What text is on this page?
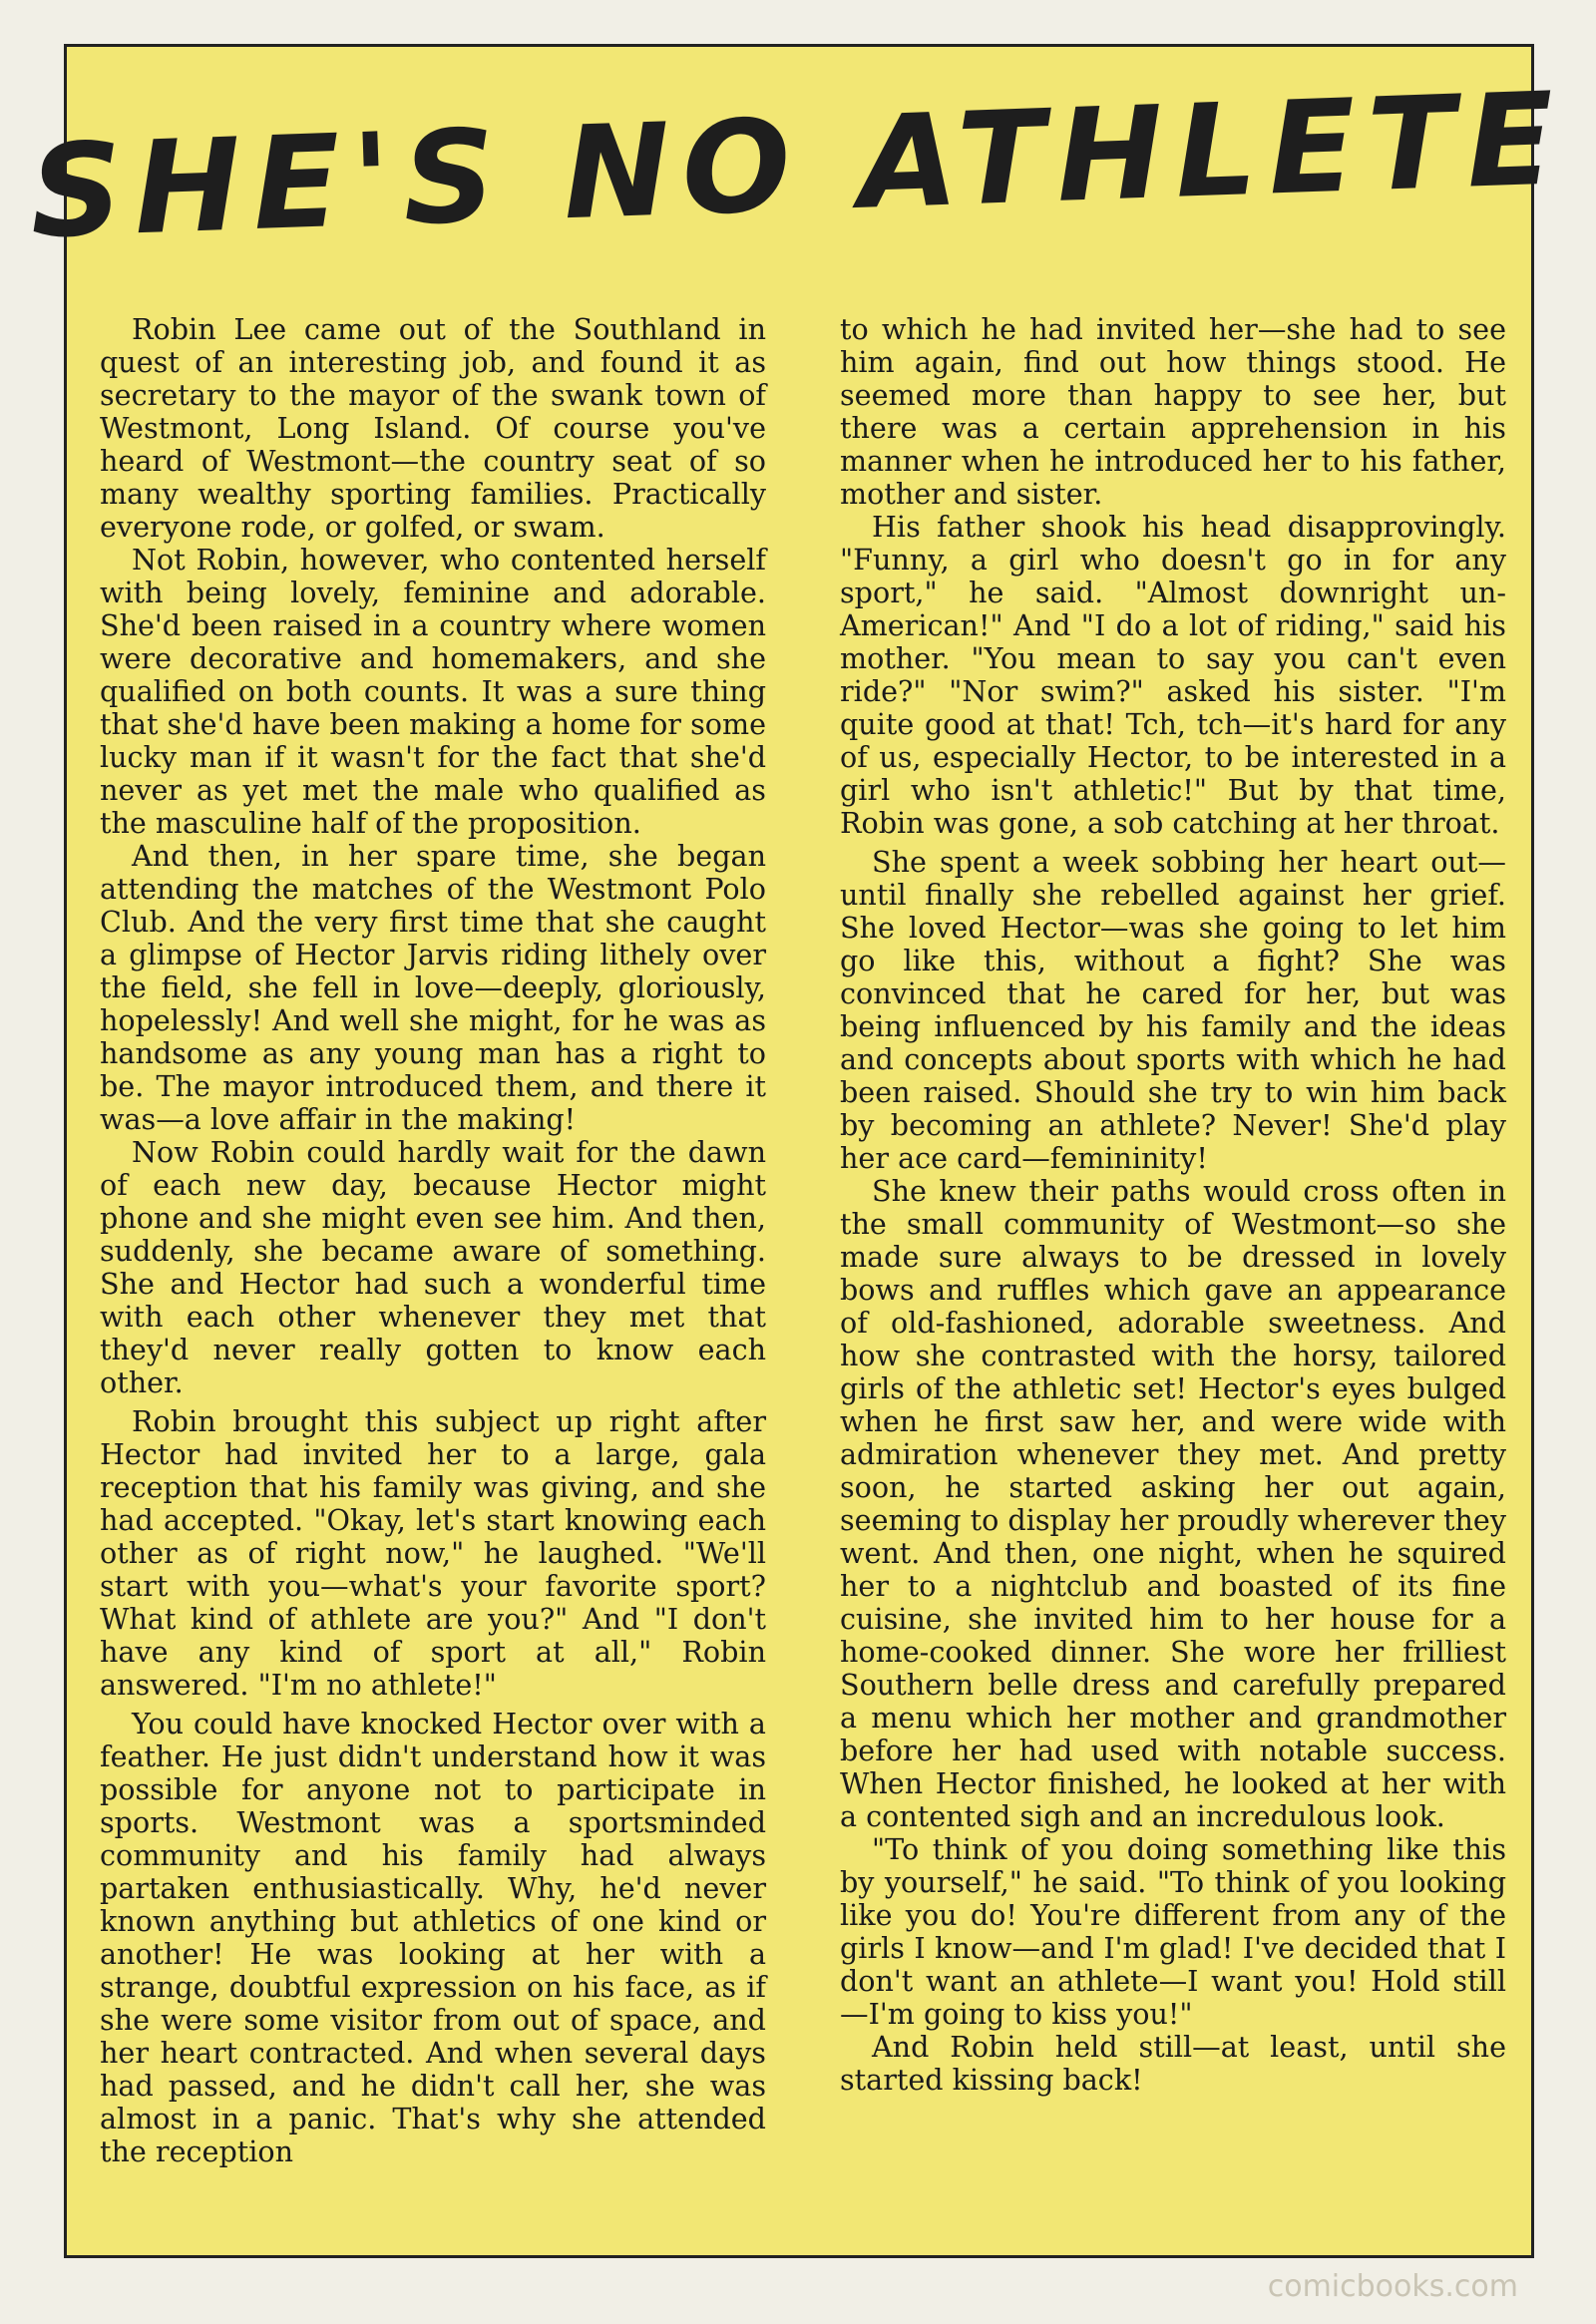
SHE'S NO ATHLETE

Robin Lee came out of the Southland in quest of an interesting job, and found it as secretary to the mayor of the swank town of Westmont, Long Island. Of course you've heard of Westmont—the country seat of so many wealthy sporting families. Practically everyone rode, or golfed, or swam.

Not Robin, however, who contented herself with being lovely, feminine and adorable. She'd been raised in a country where women were decorative and homemakers, and she qualified on both counts. It was a sure thing that she'd have been making a home for some lucky man if it wasn't for the fact that she'd never as yet met the male who qualified as the masculine half of the proposition.

And then, in her spare time, she began attending the matches of the Westmont Polo Club. And the very first time that she caught a glimpse of Hector Jarvis riding lithely over the field, she fell in love—deeply, gloriously, hopelessly! And well she might, for he was as handsome as any young man has a right to be. The mayor introduced them, and there it was—a love affair in the making!

Now Robin could hardly wait for the dawn of each new day, because Hector might phone and she might even see him. And then, suddenly, she became aware of something. She and Hector had such a wonderful time with each other whenever they met that they'd never really gotten to know each other.

Robin brought this subject up right after Hector had invited her to a large, gala reception that his family was giving, and she had accepted. "Okay, let's start knowing each other as of right now," he laughed. "We'll start with you—what's your favorite sport? What kind of athlete are you?" And "I don't have any kind of sport at all," Robin answered. "I'm no athlete!"

You could have knocked Hector over with a feather. He just didn't understand how it was possible for anyone not to participate in sports. Westmont was a sportsminded community and his family had always partaken enthusiastically. Why, he'd never known anything but athletics of one kind or another! He was looking at her with a strange, doubtful expression on his face, as if she were some visitor from out of space, and her heart contracted. And when several days had passed, and he didn't call her, she was almost in a panic. That's why she attended the reception

to which he had invited her—she had to see him again, find out how things stood. He seemed more than happy to see her, but there was a certain apprehension in his manner when he introduced her to his father, mother and sister.

His father shook his head disapprovingly. "Funny, a girl who doesn't go in for any sport," he said. "Almost downright un-American!" And "I do a lot of riding," said his mother. "You mean to say you can't even ride?" "Nor swim?" asked his sister. "I'm quite good at that! Tch, tch—it's hard for any of us, especially Hector, to be interested in a girl who isn't athletic!" But by that time, Robin was gone, a sob catching at her throat.

She spent a week sobbing her heart out—until finally she rebelled against her grief. She loved Hector—was she going to let him go like this, without a fight? She was convinced that he cared for her, but was being influenced by his family and the ideas and concepts about sports with which he had been raised. Should she try to win him back by becoming an athlete? Never! She'd play her ace card—femininity!

She knew their paths would cross often in the small community of Westmont—so she made sure always to be dressed in lovely bows and ruffles which gave an appearance of old-fashioned, adorable sweetness. And how she contrasted with the horsy, tailored girls of the athletic set! Hector's eyes bulged when he first saw her, and were wide with admiration whenever they met. And pretty soon, he started asking her out again, seeming to display her proudly wherever they went. And then, one night, when he squired her to a nightclub and boasted of its fine cuisine, she invited him to her house for a home-cooked dinner. She wore her frilliest Southern belle dress and carefully prepared a menu which her mother and grandmother before her had used with notable success. When Hector finished, he looked at her with a contented sigh and an incredulous look.

"To think of you doing something like this by yourself," he said. "To think of you looking like you do! You're different from any of the girls I know—and I'm glad! I've decided that I don't want an athlete—I want you! Hold still—I'm going to kiss you!"

And Robin held still—at least, until she started kissing back!

comicbooks.com
